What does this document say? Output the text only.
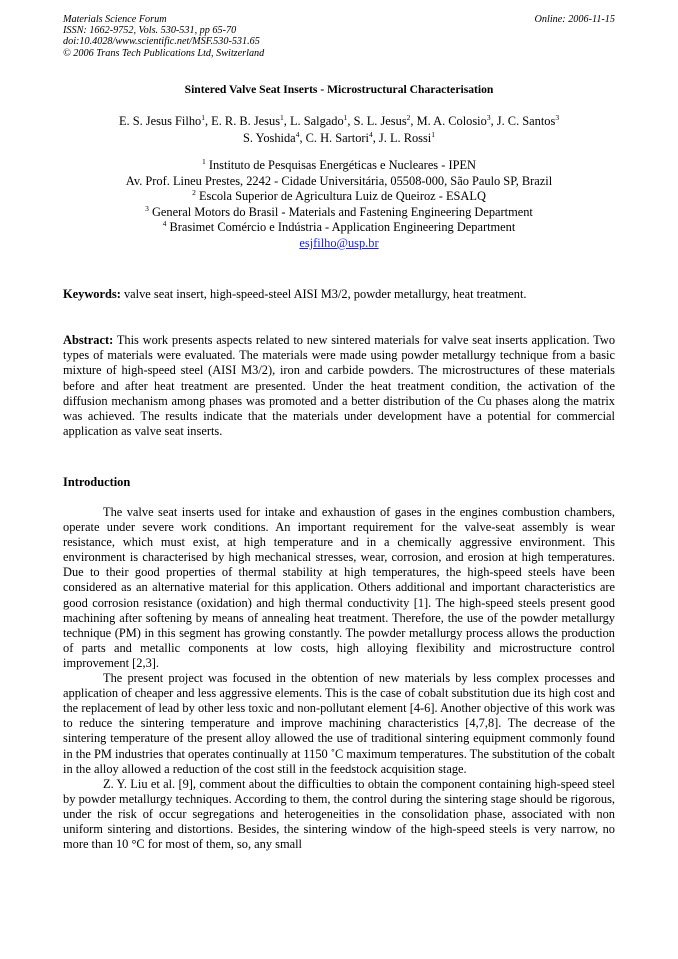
Materials Science Forum
ISSN: 1662-9752, Vols. 530-531, pp 65-70
doi:10.4028/www.scientific.net/MSF.530-531.65
© 2006 Trans Tech Publications Ltd, Switzerland
Online: 2006-11-15
Sintered Valve Seat Inserts - Microstructural Characterisation
E. S. Jesus Filho$^1$, E. R. B. Jesus$^1$, L. Salgado$^1$, S. L. Jesus$^2$, M. A. Colosio$^3$, J. C. Santos$^3$
S. Yoshida$^4$, C. H. Sartori$^4$, J. L. Rossi$^1$
$^1$ Instituto de Pesquisas Energéticas e Nucleares - IPEN
Av. Prof. Lineu Prestes, 2242 - Cidade Universitária, 05508-000, São Paulo SP, Brazil
$^2$ Escola Superior de Agricultura Luiz de Queiroz - ESALQ
$^3$ General Motors do Brasil - Materials and Fastening Engineering Department
$^4$ Brasimet Comércio e Indústria - Application Engineering Department
esjfilho@usp.br
Keywords: valve seat insert, high-speed-steel AISI M3/2, powder metallurgy, heat treatment.
Abstract: This work presents aspects related to new sintered materials for valve seat inserts application. Two types of materials were evaluated. The materials were made using powder metallurgy technique from a basic mixture of high-speed steel (AISI M3/2), iron and carbide powders. The microstructures of these materials before and after heat treatment are presented. Under the heat treatment condition, the activation of the diffusion mechanism among phases was promoted and a better distribution of the Cu phases along the matrix was achieved. The results indicate that the materials under development have a potential for commercial application as valve seat inserts.
Introduction

The valve seat inserts used for intake and exhaustion of gases in the engines combustion chambers, operate under severe work conditions. An important requirement for the valve-seat assembly is wear resistance, which must exist, at high temperature and in a chemically aggressive environment. This environment is characterised by high mechanical stresses, wear, corrosion, and erosion at high temperatures. Due to their good properties of thermal stability at high temperatures, the high-speed steels have been considered as an alternative material for this application. Others additional and important characteristics are good corrosion resistance (oxidation) and high thermal conductivity [1]. The high-speed steels present good machining after softening by means of annealing heat treatment. Therefore, the use of the powder metallurgy technique (PM) in this segment has growing constantly. The powder metallurgy process allows the production of parts and metallic components at low costs, high alloying flexibility and microstructure control improvement [2,3].

The present project was focused in the obtention of new materials by less complex processes and application of cheaper and less aggressive elements. This is the case of cobalt substitution due its high cost and the replacement of lead by other less toxic and non-pollutant element [4-6]. Another objective of this work was to reduce the sintering temperature and improve machining characteristics [4,7,8]. The decrease of the sintering temperature of the present alloy allowed the use of traditional sintering equipment commonly found in the PM industries that operates continually at 1150 ˚C maximum temperatures. The substitution of the cobalt in the alloy allowed a reduction of the cost still in the feedstock acquisition stage.

Z. Y. Liu et al. [9], comment about the difficulties to obtain the component containing high-speed steel by powder metallurgy techniques. According to them, the control during the sintering stage should be rigorous, under the risk of occur segregations and heterogeneities in the consolidation phase, associated with non uniform sintering and distortions. Besides, the sintering window of the high-speed steels is very narrow, no more than 10 °C for most of them, so, any small
